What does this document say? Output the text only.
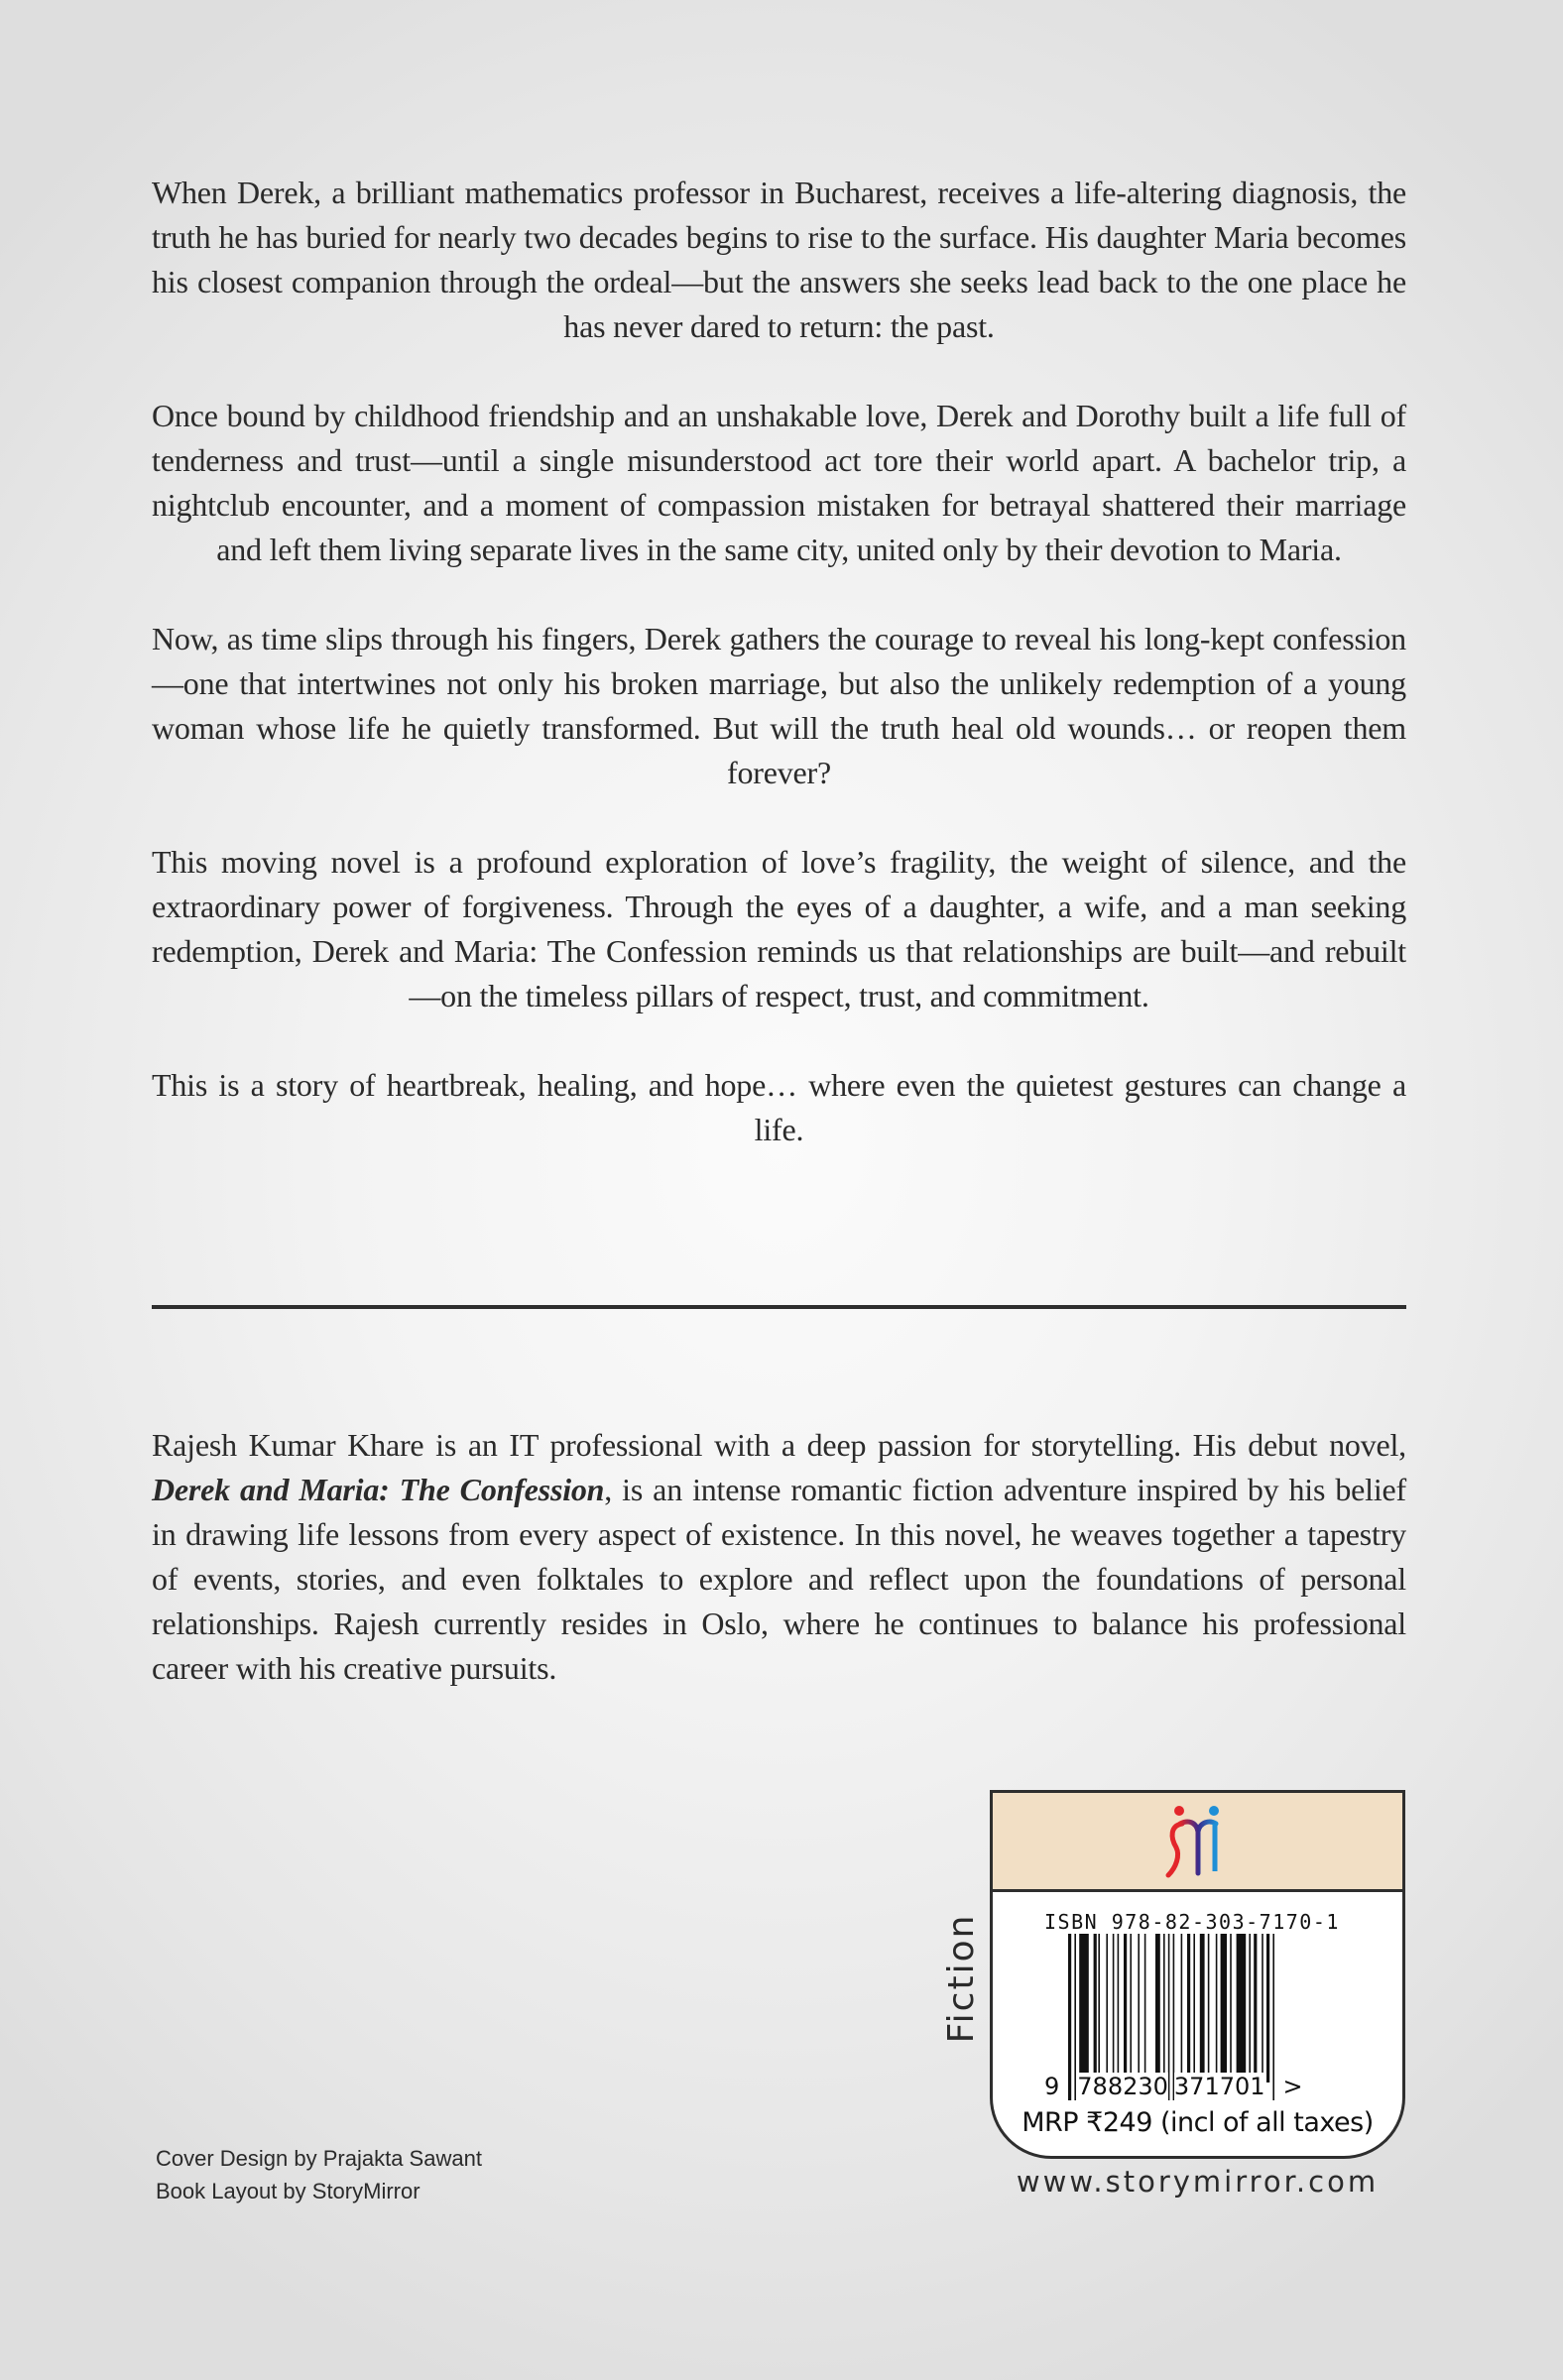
When Derek, a brilliant mathematics professor in Bucharest, receives a life-altering diagnosis, the truth he has buried for nearly two decades begins to rise to the surface. His daughter Maria becomes his closest companion through the ordeal—but the answers she seeks lead back to the one place he has never dared to return: the past.

Once bound by childhood friendship and an unshakable love, Derek and Dorothy built a life full of tenderness and trust—until a single misunderstood act tore their world apart. A bachelor trip, a nightclub encounter, and a moment of compassion mistaken for betrayal shattered their marriage and left them living separate lives in the same city, united only by their devotion to Maria.

Now, as time slips through his fingers, Derek gathers the courage to reveal his long-kept confession—one that intertwines not only his broken marriage, but also the unlikely redemption of a young woman whose life he quietly transformed. But will the truth heal old wounds… or reopen them forever?

This moving novel is a profound exploration of love’s fragility, the weight of silence, and the extraordinary power of forgiveness. Through the eyes of a daughter, a wife, and a man seeking redemption, Derek and Maria: The Confession reminds us that relationships are built—and rebuilt—on the timeless pillars of respect, trust, and commitment.

This is a story of heartbreak, healing, and hope… where even the quietest gestures can change a life.

Rajesh Kumar Khare is an IT professional with a deep passion for storytelling. His debut novel, Derek and Maria: The Confession, is an intense romantic fiction adventure inspired by his belief in drawing life lessons from every aspect of existence. In this novel, he weaves together a tapestry of events, stories, and even folktales to explore and reflect upon the foundations of personal relationships. Rajesh currently resides in Oslo, where he continues to balance his professional career with his creative pursuits.

Cover Design by Prajakta Sawant
Book Layout by StoryMirror
Fiction	ISBN 978-82-303-7170-1
9 788230 371701 >
MRP ₹249 (incl of all taxes)
www.storymirror.com
